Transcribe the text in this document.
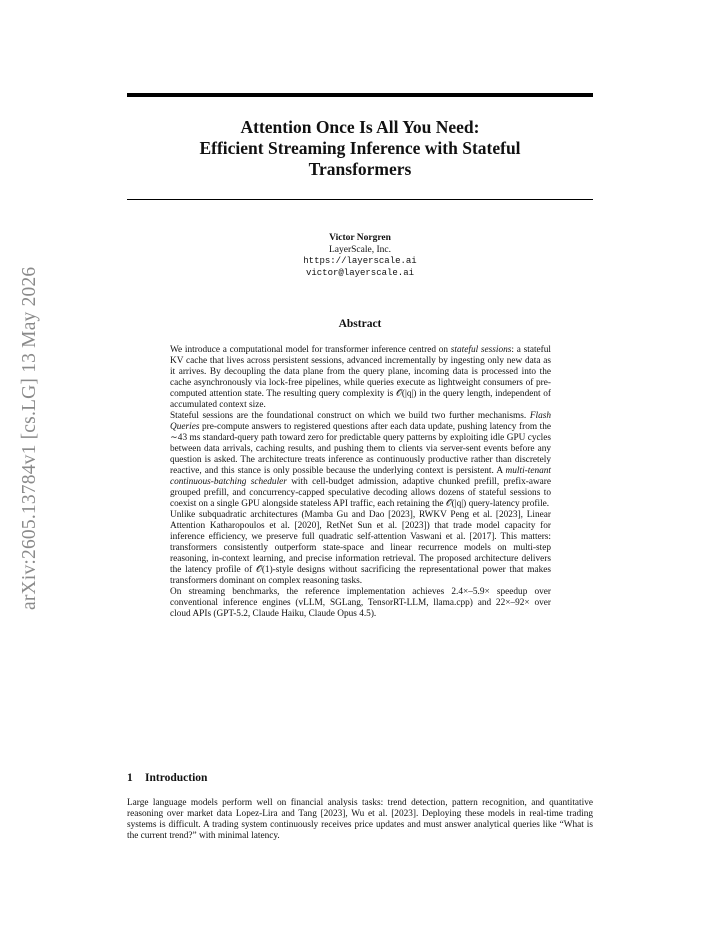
arXiv:2605.13784v1 [cs.LG] 13 May 2026
Attention Once Is All You Need:
Efficient Streaming Inference with Stateful
Transformers
Victor Norgren
LayerScale, Inc.
https://layerscale.ai
victor@layerscale.ai
Abstract

We introduce a computational model for transformer inference centred on stateful sessions: a stateful KV cache that lives across persistent sessions, advanced incrementally by ingesting only new data as it arrives. By decoupling the data plane from the query plane, incoming data is processed into the cache asynchronously via lock-free pipelines, while queries execute as lightweight consumers of pre-computed attention state. The resulting query complexity is 𝒪(|q|) in the query length, independent of accumulated context size.

Stateful sessions are the foundational construct on which we build two further mechanisms. Flash Queries pre-compute answers to registered questions after each data update, pushing latency from the ∼43 ms standard-query path toward zero for predictable query patterns by exploiting idle GPU cycles between data arrivals, caching results, and pushing them to clients via server-sent events before any question is asked. The architecture treats inference as continuously productive rather than discretely reactive, and this stance is only possible because the underlying context is persistent. A multi-tenant continuous-batching scheduler with cell-budget admission, adaptive chunked prefill, prefix-aware grouped prefill, and concurrency-capped speculative decoding allows dozens of stateful sessions to coexist on a single GPU alongside stateless API traffic, each retaining the 𝒪(|q|) query-latency profile.

Unlike subquadratic architectures (Mamba Gu and Dao [2023], RWKV Peng et al. [2023], Linear Attention Katharopoulos et al. [2020], RetNet Sun et al. [2023]) that trade model capacity for inference efficiency, we preserve full quadratic self-attention Vaswani et al. [2017]. This matters: transformers consistently outperform state-space and linear recurrence models on multi-step reasoning, in-context learning, and precise information retrieval. The proposed architecture delivers the latency profile of 𝒪(1)-style designs without sacrificing the representational power that makes transformers dominant on complex reasoning tasks.

On streaming benchmarks, the reference implementation achieves 2.4×–5.9× speedup over conventional inference engines (vLLM, SGLang, TensorRT-LLM, llama.cpp) and 22×–92× over cloud APIs (GPT-5.2, Claude Haiku, Claude Opus 4.5).

1 Introduction

Large language models perform well on financial analysis tasks: trend detection, pattern recognition, and quantitative reasoning over market data Lopez-Lira and Tang [2023], Wu et al. [2023]. Deploying these models in real-time trading systems is difficult. A trading system continuously receives price updates and must answer analytical queries like “What is the current trend?” with minimal latency.
